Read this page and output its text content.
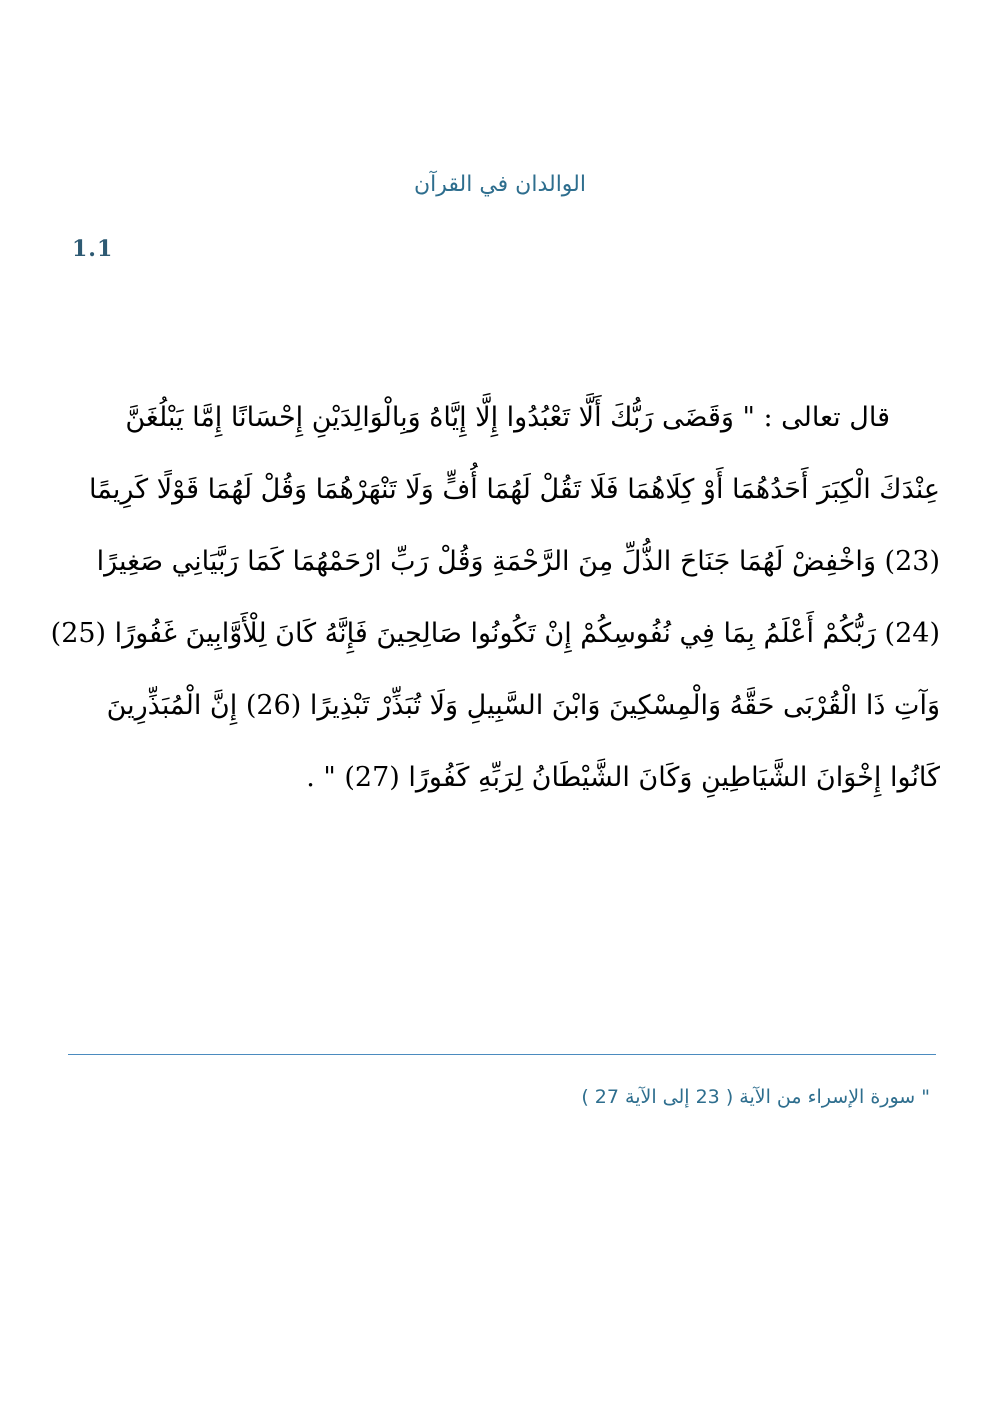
الوالدان في القرآن
1.1
قال تعالى : " وَقَضَى رَبُّكَ أَلَّا تَعْبُدُوا إِلَّا إِيَّاهُ وَبِالْوَالِدَيْنِ إِحْسَانًا إِمَّا يَبْلُغَنَّ
عِنْدَكَ الْكِبَرَ أَحَدُهُمَا أَوْ كِلَاهُمَا فَلَا تَقُلْ لَهُمَا أُفٍّ وَلَا تَنْهَرْهُمَا وَقُلْ لَهُمَا قَوْلًا كَرِيمًا
(23) وَاخْفِضْ لَهُمَا جَنَاحَ الذُّلِّ مِنَ الرَّحْمَةِ وَقُلْ رَبِّ ارْحَمْهُمَا كَمَا رَبَّيَانِي صَغِيرًا
(24) رَبُّكُمْ أَعْلَمُ بِمَا فِي نُفُوسِكُمْ إِنْ تَكُونُوا صَالِحِينَ فَإِنَّهُ كَانَ لِلْأَوَّابِينَ غَفُورًا (25)
وَآتِ ذَا الْقُرْبَى حَقَّهُ وَالْمِسْكِينَ وَابْنَ السَّبِيلِ وَلَا تُبَذِّرْ تَبْذِيرًا (26) إِنَّ الْمُبَذِّرِينَ
كَانُوا إِخْوَانَ الشَّيَاطِينِ وَكَانَ الشَّيْطَانُ لِرَبِّهِ كَفُورًا (27) " .
" سورة الإسراء من الآية ( 23 إلى الآية 27 )
